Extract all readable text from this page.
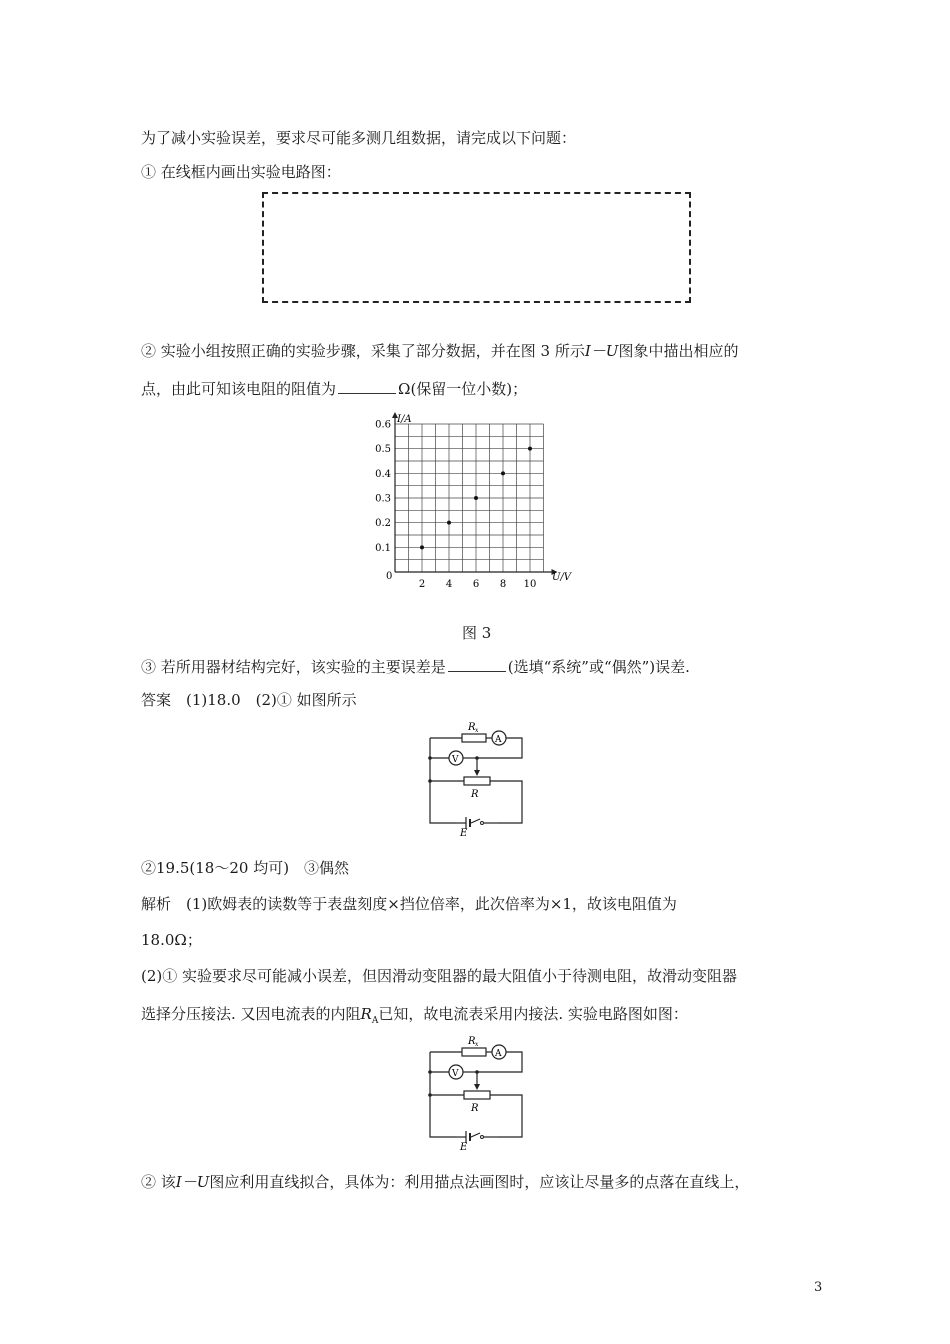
为了减小实验误差，要求尽可能多测几组数据，请完成以下问题：
① 在线框内画出实验电路图：
② 实验小组按照正确的实验步骤，采集了部分数据，并在图 3 所示I－U图象中描出相应的
点，由此可知该电阻的阻值为	Ω(保留一位小数)；
2 4 6 8 10
0.1
0.2
0.3
0.4
0.5
0.6 I/A
U/V
0
图 3
③ 若所用器材结构完好，该实验的主要误差是	(选填“系统”或“偶然”)误差.
答案　(1)18.0　(2)① 如图所示
R x
A
V
R
E
②19.5(18～20 均可)　③偶然
解析　(1)欧姆表的读数等于表盘刻度×挡位倍率，此次倍率为×1，故该电阻值为
18.0Ω；
(2)① 实验要求尽可能减小误差，但因滑动变阻器的最大阻值小于待测电阻，故滑动变阻器
选择分压接法. 又因电流表的内阻$R_A$已知，故电流表采用内接法. 实验电路图如图：
R x
A
V
R
E
② 该I－U图应利用直线拟合，具体为：利用描点法画图时，应该让尽量多的点落在直线上，
3
